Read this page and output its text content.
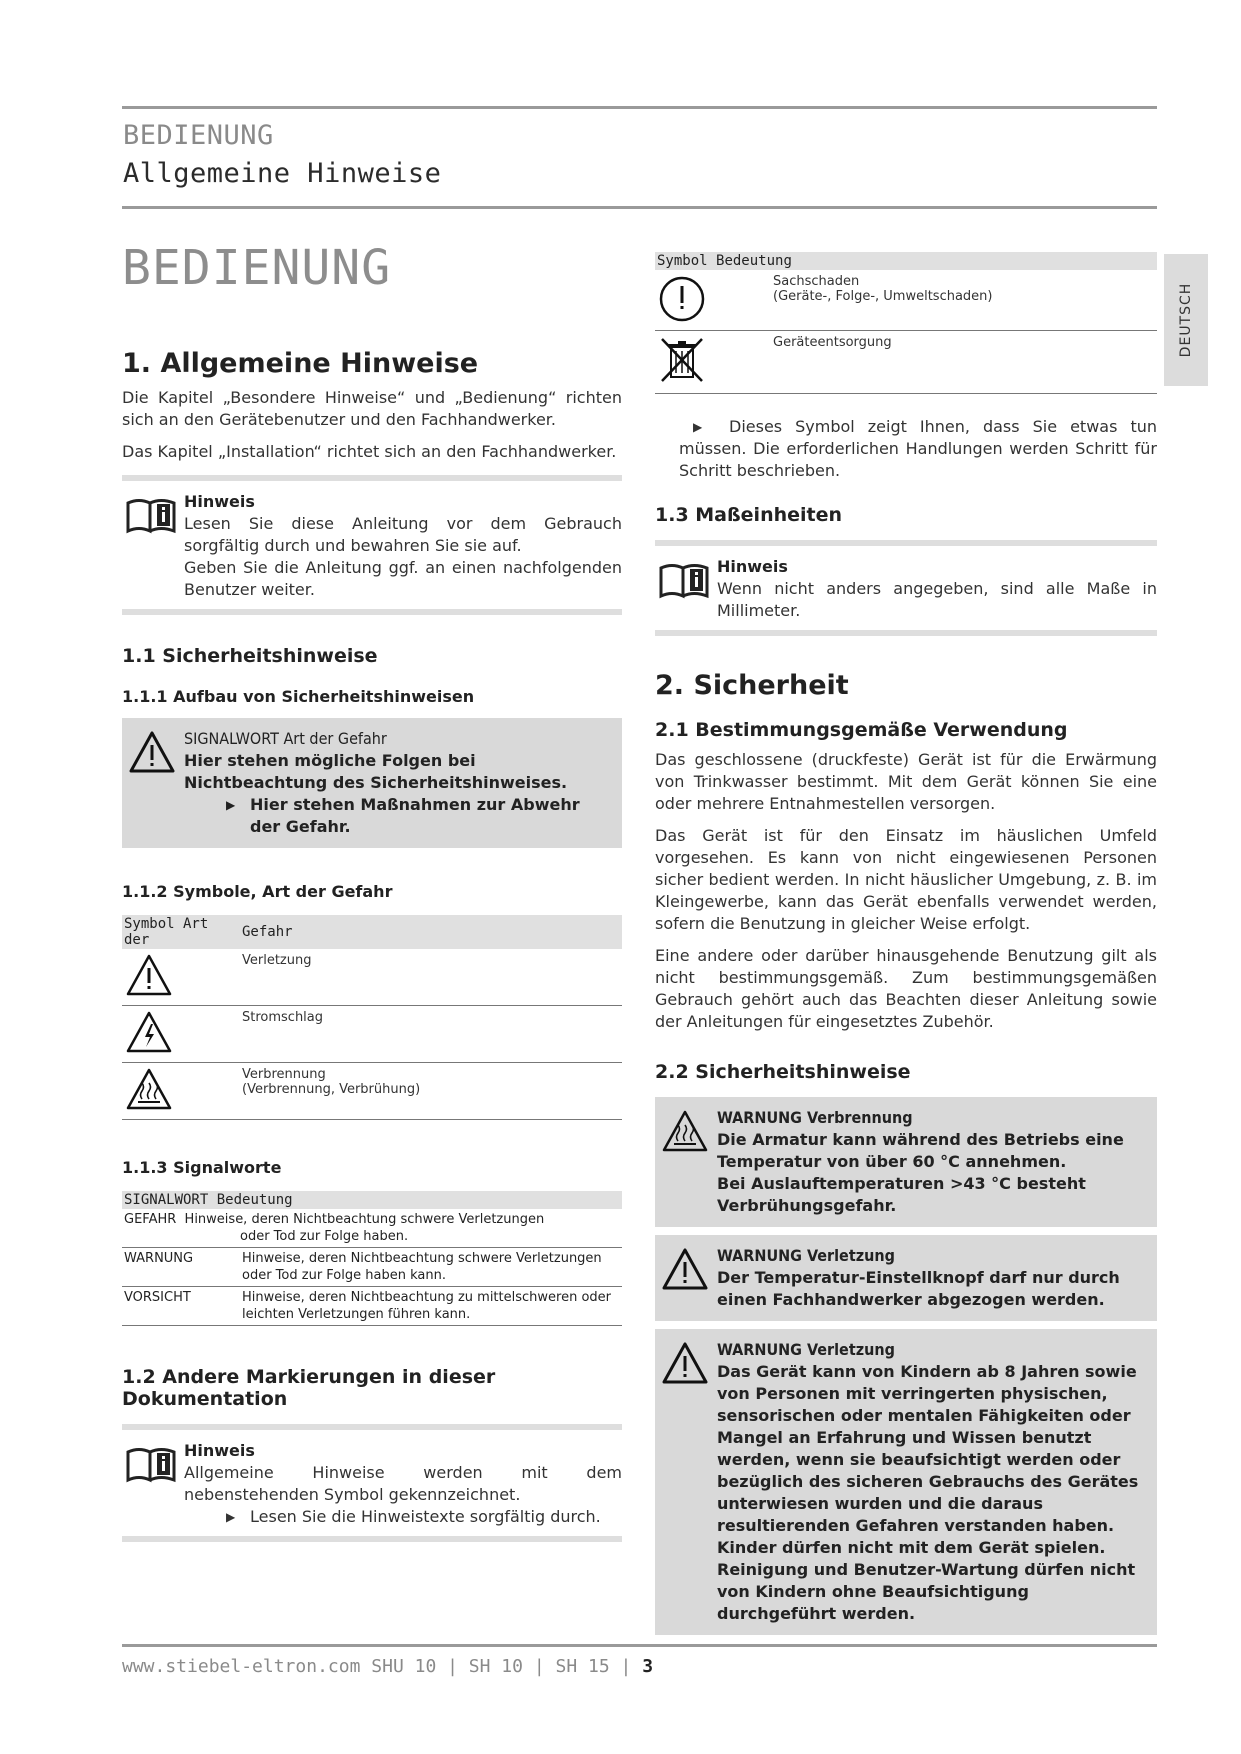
BEDIENUNG
Allgemeine Hinweise
DEUTSCH
BEDIENUNG
1. Allgemeine Hinweise

Die Kapitel „Besondere Hinweise“ und „Bedienung“ richten sich an den Gerätebenutzer und den Fachhandwerker.

Das Kapitel „Installation“ richtet sich an den Fachhandwerker.

Hinweis
Lesen Sie diese Anleitung vor dem Gebrauch sorgfältig durch und bewahren Sie sie auf.
Geben Sie die Anleitung ggf. an einen nachfolgenden Benutzer weiter.
1.1 Sicherheitshinweise
1.1.1 Aufbau von Sicherheitshinweisen
SIGNALWORT Art der Gefahr
Hier stehen mögliche Folgen bei Nichtbeachtung des Sicherheitshinweises.
▶ Hier stehen Maßnahmen zur Abwehr der Gefahr.
1.1.2 Symbole, Art der Gefahr
Symbol Art der	Gefahr

Verletzung

Stromschlag

Verbrennung
(Verbrennung, Verbrühung)
1.1.3 Signalworte
SIGNALWORT Bedeutung	

GEFAHR
Hinweise, deren Nichtbeachtung schwere Verletzungen
oder Tod zur Folge haben.	

WARNUNG	Hinweise, deren Nichtbeachtung schwere Verletzungen
oder Tod zur Folge haben kann.

VORSICHT	Hinweise, deren Nichtbeachtung zu mittelschweren oder
leichten Verletzungen führen kann.
1.2 Andere Markierungen in dieser Dokumentation
Hinweis
Allgemeine Hinweise werden mit dem nebenstehenden Symbol gekennzeichnet.
▶ Lesen Sie die Hinweistexte sorgfältig durch.
Symbol Bedeutung	

Sachschaden
(Geräte-, Folge-, Umweltschaden)

Geräteentsorgung

▶ Dieses Symbol zeigt Ihnen, dass Sie etwas tun müssen. Die erforderlichen Handlungen werden Schritt für Schritt beschrieben.

1.3 Maßeinheiten
Hinweis
Wenn nicht anders angegeben, sind alle Maße in Millimeter.
2. Sicherheit
2.1 Bestimmungsgemäße Verwendung

Das geschlossene (druckfeste) Gerät ist für die Erwärmung von Trinkwasser bestimmt. Mit dem Gerät können Sie eine oder mehrere Entnahmestellen versorgen.

Das Gerät ist für den Einsatz im häuslichen Umfeld vorgesehen. Es kann von nicht eingewiesenen Personen sicher bedient werden. In nicht häuslicher Umgebung, z. B. im Kleingewerbe, kann das Gerät ebenfalls verwendet werden, sofern die Benutzung in gleicher Weise erfolgt.

Eine andere oder darüber hinausgehende Benutzung gilt als nicht bestimmungsgemäß. Zum bestimmungsgemäßen Gebrauch gehört auch das Beachten dieser Anleitung sowie der Anleitungen für eingesetztes Zubehör.

2.2 Sicherheitshinweise
WARNUNG Verbrennung
Die Armatur kann während des Betriebs eine Temperatur von über 60 °C annehmen.
Bei Auslauftemperaturen >43 °C besteht Verbrühungsgefahr.
WARNUNG Verletzung
Der Temperatur-Einstellknopf darf nur durch einen Fachhandwerker abgezogen werden.
WARNUNG Verletzung
Das Gerät kann von Kindern ab 8 Jahren sowie von Personen mit verringerten physischen, sensorischen oder mentalen Fähigkeiten oder Mangel an Erfahrung und Wissen benutzt werden, wenn sie beaufsichtigt werden oder bezüglich des sicheren Gebrauchs des Gerätes unterwiesen wurden und die daraus resultierenden Gefahren verstanden haben. Kinder dürfen nicht mit dem Gerät spielen. Reinigung und Benutzer-Wartung dürfen nicht von Kindern ohne Beaufsichtigung durchgeführt werden.
www.stiebel-eltron.com SHU 10 | SH 10 | SH 15 | 3
